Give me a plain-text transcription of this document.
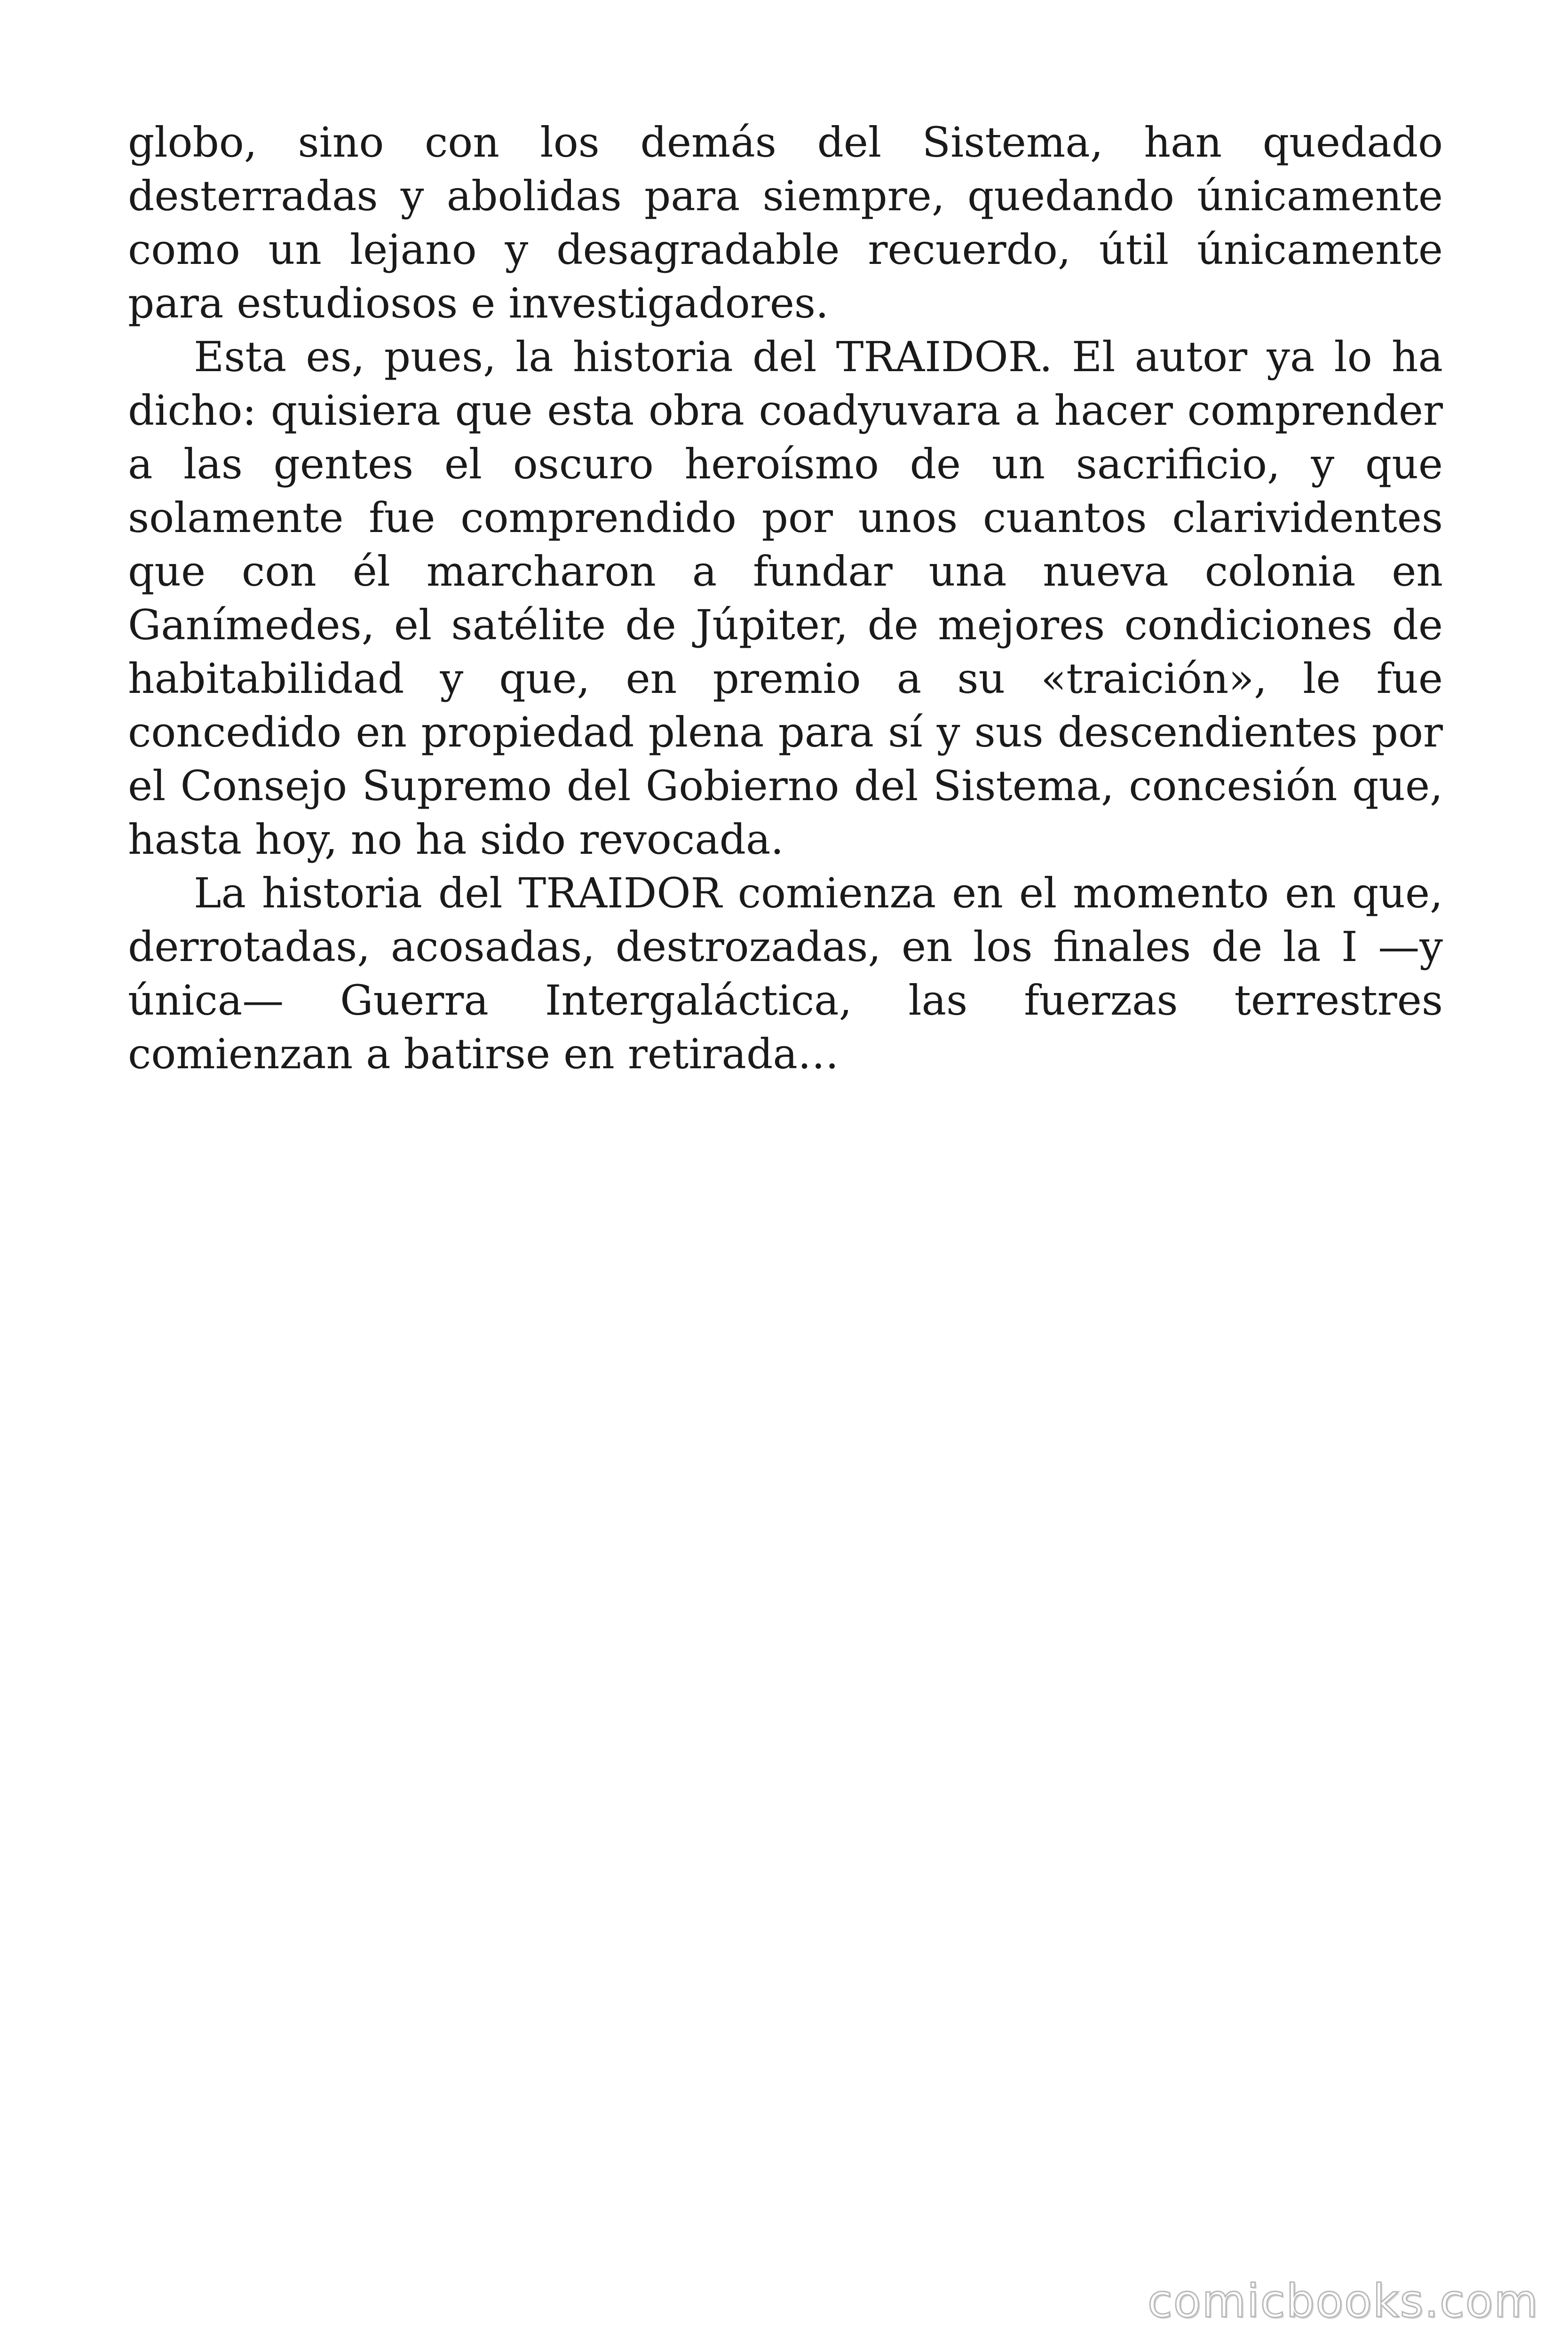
globo, sino con los demás del Sistema, han quedado desterradas y abolidas para siempre, quedando únicamente como un lejano y desagradable recuerdo, útil únicamente para estudiosos e investigadores.

Esta es, pues, la historia del TRAIDOR. El autor ya lo ha dicho: quisiera que esta obra coadyuvara a hacer comprender a las gentes el oscuro heroísmo de un sacrificio, y que solamente fue comprendido por unos cuantos clarividentes que con él marcharon a fundar una nueva colonia en Ganímedes, el satélite de Júpiter, de mejores condiciones de habitabilidad y que, en premio a su «traición», le fue concedido en propiedad plena para sí y sus descendientes por el Consejo Supremo del Gobierno del Sistema, concesión que, hasta hoy, no ha sido revocada.

La historia del TRAIDOR comienza en el momento en que, derrotadas, acosadas, destrozadas, en los finales de la I —y única— Guerra Intergaláctica, las fuerzas terrestres comienzan a batirse en retirada…

comicbooks.com
